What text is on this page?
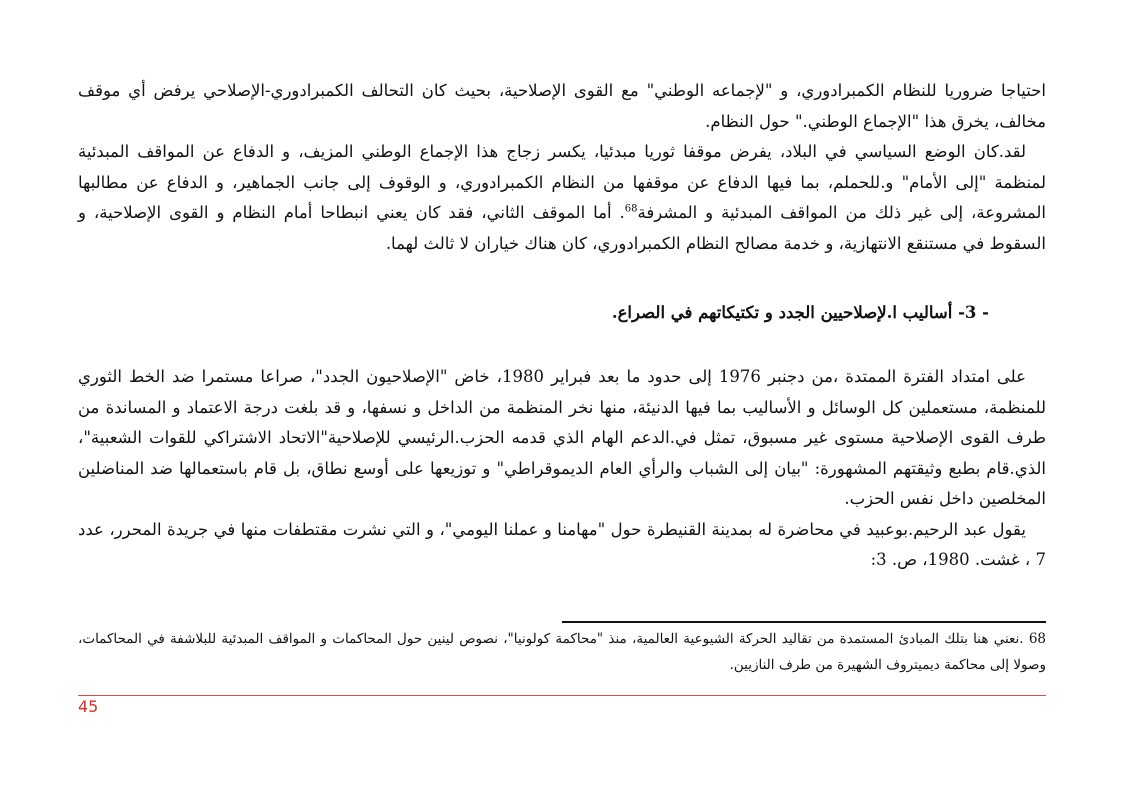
احتياجا ضروريا للنظام الكمبرادوري، و "لإجماعه الوطني" مع القوى الإصلاحية، بحيث كان التحالف الكمبرادوري-الإصلاحي يرفض أي موقف مخالف، يخرق هذا "الإجماع الوطني." حول النظام.

لقد.كان الوضع السياسي في البلاد، يفرض موقفا ثوريا مبدئيا، يكسر زجاج هذا الإجماع الوطني المزيف، و الدفاع عن المواقف المبدئية لمنظمة "إلى الأمام" و.للحملم، بما فيها الدفاع عن موقفها من النظام الكمبرادوري، و الوقوف إلى جانب الجماهير، و الدفاع عن مطالبها المشروعة، إلى غير ذلك من المواقف المبدئية و المشرفة$^{68}$. أما الموقف الثاني، فقد كان يعني انبطاحا أمام النظام و القوى الإصلاحية، و السقوط في مستنقع الانتهازية، و خدمة مصالح النظام الكمبرادوري، كان هناك خياران لا ثالث لهما.

- 3- أساليب ا.لإصلاحيين الجدد و تكتيكاتهم في الصراع.

على امتداد الفترة الممتدة ،من دجنبر 1976 إلى حدود ما بعد فبراير 1980، خاض "الإصلاحيون الجدد"، صراعا مستمرا ضد الخط الثوري للمنظمة، مستعملين كل الوسائل و الأساليب بما فيها الدنيئة، منها نخر المنظمة من الداخل و نسفها، و قد بلغت درجة الاعتماد و المساندة من طرف القوى الإصلاحية مستوى غير مسبوق، تمثل في.الدعم الهام الذي قدمه الحزب.الرئيسي للإصلاحية"الاتحاد الاشتراكي للقوات الشعبية"، الذي.قام بطبع وثيقتهم المشهورة: "بيان إلى الشباب والرأي العام الديموقراطي" و توزيعها على أوسع نطاق، بل قام باستعمالها ضد المناضلين المخلصين داخل نفس الحزب.

يقول عبد الرحيم.بوعبيد في محاضرة له بمدينة القنيطرة حول "مهامنا و عملنا اليومي"، و التي نشرت مقتطفات منها في جريدة المحرر، عدد 7 ، غشت. 1980، ص. 3:

68 .نعني هنا بتلك المبادئ المستمدة من تقاليد الحركة الشيوعية العالمية، منذ "محاكمة كولونيا"، نصوص لينين حول المحاكمات و المواقف المبدئية للبلاشفة في المحاكمات، وصولا إلى محاكمة ديميتروف الشهيرة من طرف النازيين.
45
